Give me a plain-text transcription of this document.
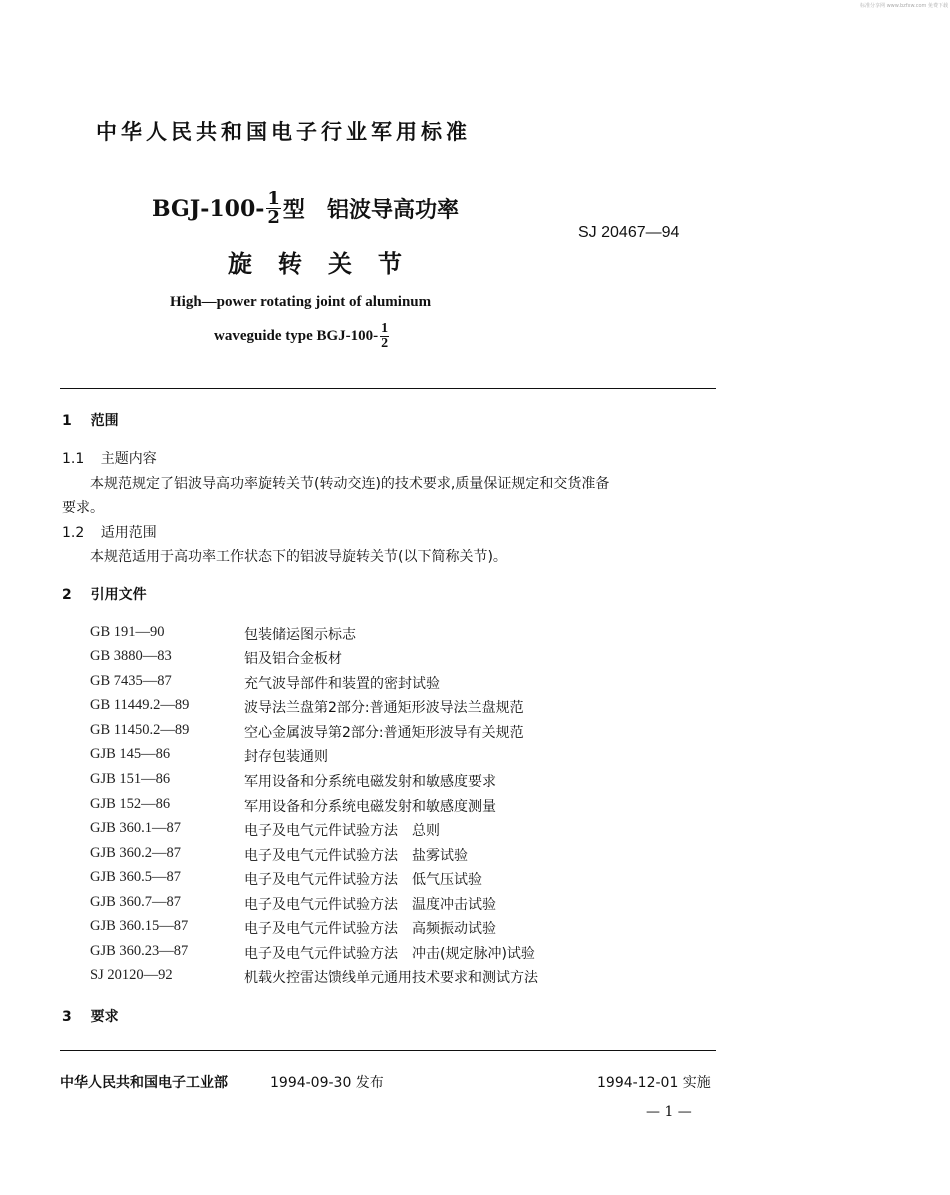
标准分享网 www.bzfxw.com 免费下载
中华人民共和国电子行业军用标准
$BGJ-100- \frac{1}{2}$ 型 铝波导高功率
旋转关节
SJ 20467—94
High—power rotating joint of aluminum
waveguide type $BGJ-100- \frac{1}{2}$
1 范围
1.1 主题内容
本规范规定了铝波导高功率旋转关节(转动交连)的技术要求,质量保证规定和交货准备
要求。
1.2 适用范围
本规范适用于高功率工作状态下的铝波导旋转关节(以下简称关节)。
2 引用文件
GB 191—90	包装储运图示标志
GB 3880—83	铝及铝合金板材
GB 7435—87	充气波导部件和装置的密封试验
GB 11449.2—89	波导法兰盘第2部分:普通矩形波导法兰盘规范
GB 11450.2—89	空心金属波导第2部分:普通矩形波导有关规范
GJB 145—86	封存包装通则
GJB 151—86	军用设备和分系统电磁发射和敏感度要求
GJB 152—86	军用设备和分系统电磁发射和敏感度测量
GJB 360.1—87	电子及电气元件试验方法　总则
GJB 360.2—87	电子及电气元件试验方法　盐雾试验
GJB 360.5—87	电子及电气元件试验方法　低气压试验
GJB 360.7—87	电子及电气元件试验方法　温度冲击试验
GJB 360.15—87	电子及电气元件试验方法　高频振动试验
GJB 360.23—87	电子及电气元件试验方法　冲击(规定脉冲)试验
SJ 20120—92	机载火控雷达馈线单元通用技术要求和测试方法
3 要求
中华人民共和国电子工业部	1994-09-30 发布	1994-12-01 实施
— 1 —
